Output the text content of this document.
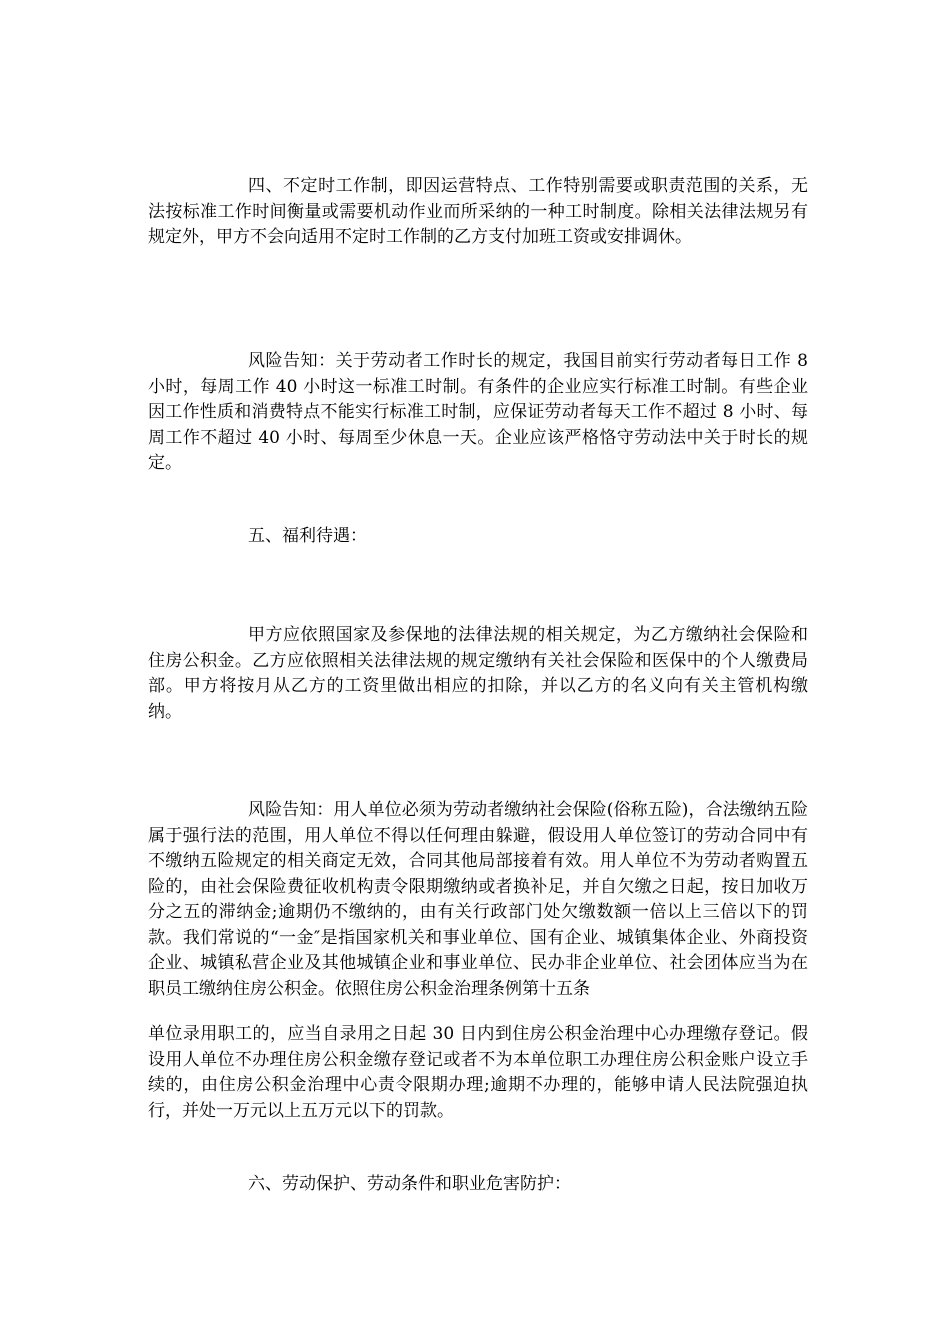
四、不定时工作制，即因运营特点、工作特别需要或职责范围的关系，无法按标准工作时间衡量或需要机动作业而所采纳的一种工时制度。除相关法律法规另有规定外，甲方不会向适用不定时工作制的乙方支付加班工资或安排调休。

风险告知：关于劳动者工作时长的规定，我国目前实行劳动者每日工作 8 小时，每周工作 40 小时这一标准工时制。有条件的企业应实行标准工时制。有些企业因工作性质和消费特点不能实行标准工时制，应保证劳动者每天工作不超过 8 小时、每周工作不超过 40 小时、每周至少休息一天。企业应该严格恪守劳动法中关于时长的规定。

五、福利待遇：

甲方应依照国家及参保地的法律法规的相关规定，为乙方缴纳社会保险和住房公积金。乙方应依照相关法律法规的规定缴纳有关社会保险和医保中的个人缴费局部。甲方将按月从乙方的工资里做出相应的扣除，并以乙方的名义向有关主管机构缴纳。

风险告知：用人单位必须为劳动者缴纳社会保险(俗称五险)，合法缴纳五险属于强行法的范围，用人单位不得以任何理由躲避，假设用人单位签订的劳动合同中有不缴纳五险规定的相关商定无效，合同其他局部接着有效。用人单位不为劳动者购置五险的，由社会保险费征收机构责令限期缴纳或者换补足，并自欠缴之日起，按日加收万分之五的滞纳金;逾期仍不缴纳的，由有关行政部门处欠缴数额一倍以上三倍以下的罚款。我们常说的“一金″是指国家机关和事业单位、国有企业、城镇集体企业、外商投资企业、城镇私营企业及其他城镇企业和事业单位、民办非企业单位、社会团体应当为在职员工缴纳住房公积金。依照住房公积金治理条例第十五条

单位录用职工的，应当自录用之日起 30 日内到住房公积金治理中心办理缴存登记。假设用人单位不办理住房公积金缴存登记或者不为本单位职工办理住房公积金账户设立手续的，由住房公积金治理中心责令限期办理;逾期不办理的，能够申请人民法院强迫执行，并处一万元以上五万元以下的罚款。

六、劳动保护、劳动条件和职业危害防护：
